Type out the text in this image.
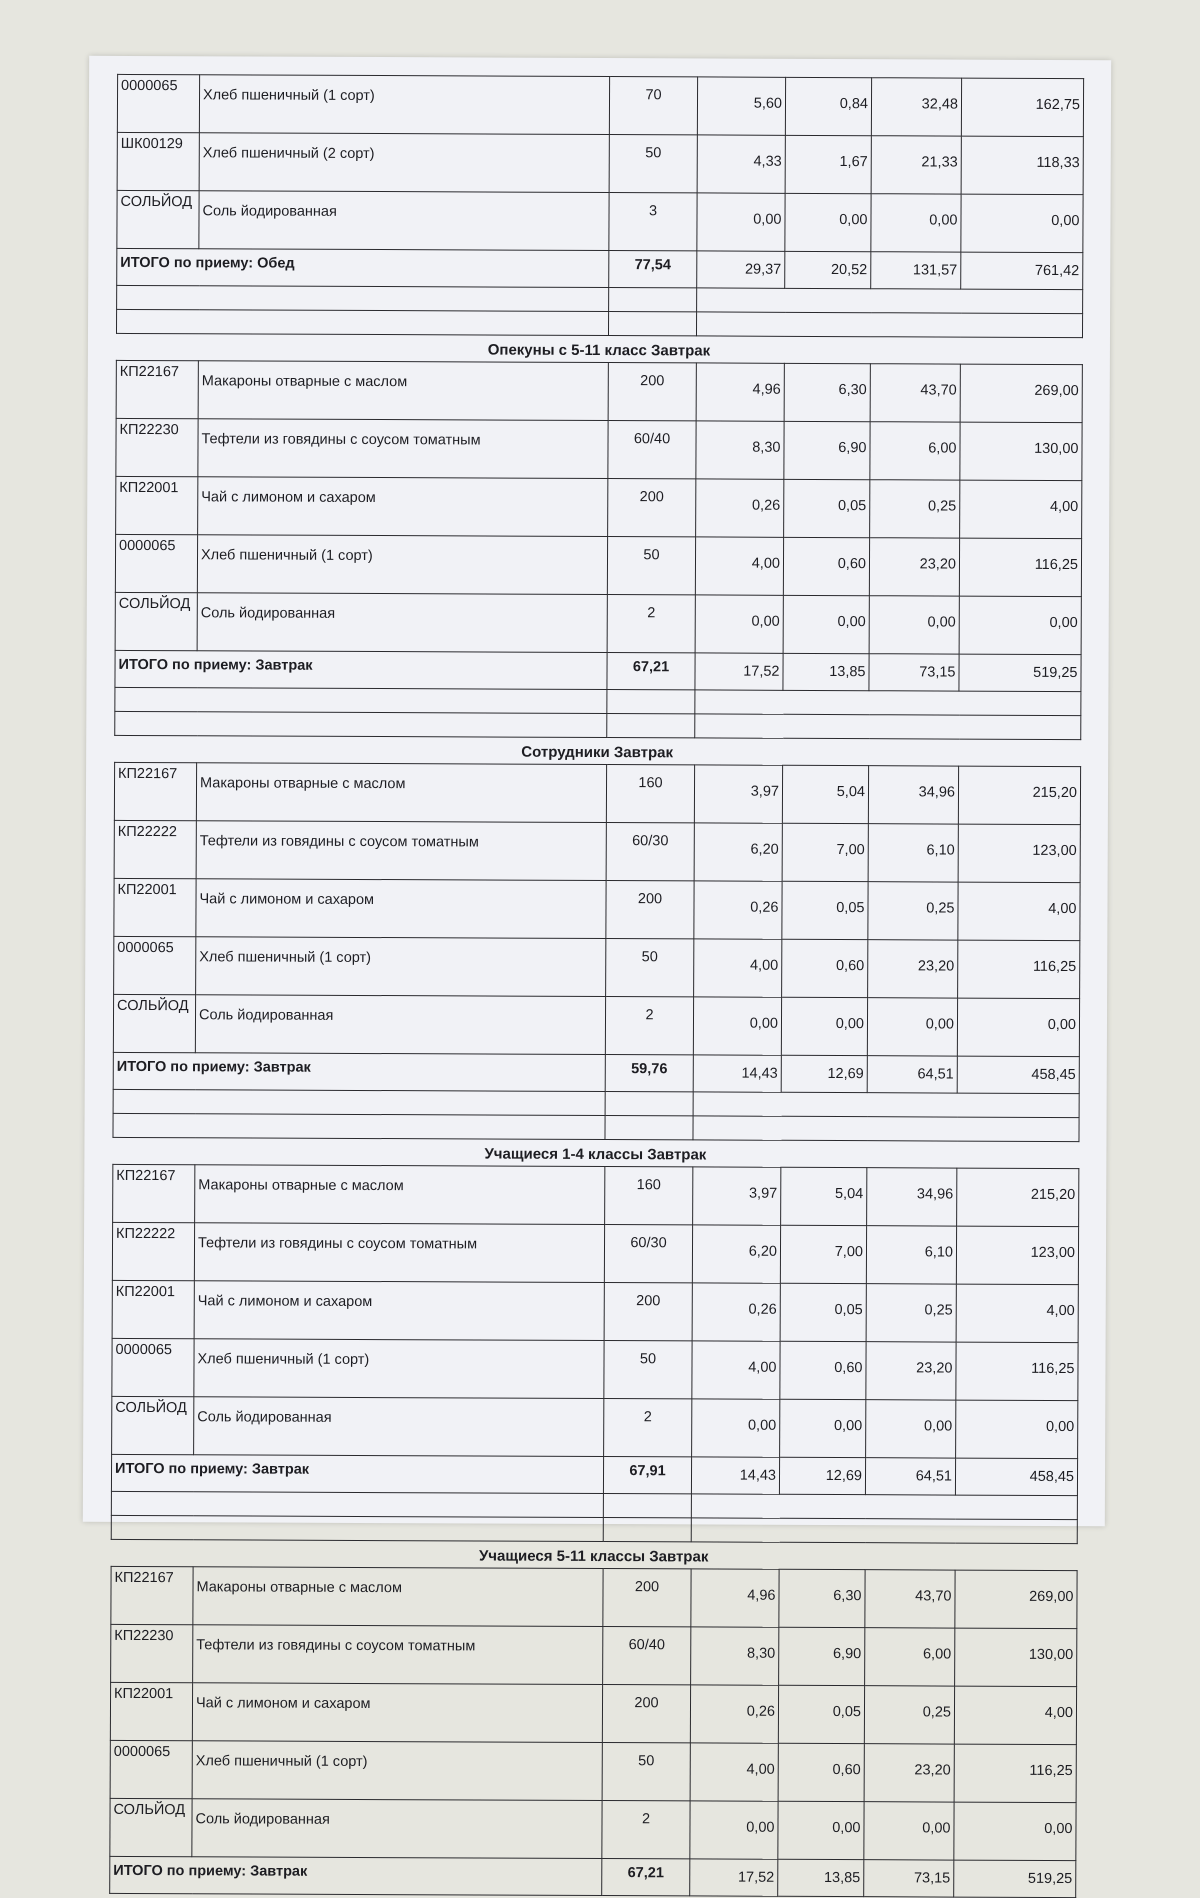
0000065	Хлеб пшеничный (1 сорт)	70	5,60	0,84	32,48	162,75
ШК00129	Хлеб пшеничный (2 сорт)	50	4,33	1,67	21,33	118,33
СОЛЬЙОД	Соль йодированная	3	0,00	0,00	0,00	0,00
ИТОГО по приему: Обед		77,54	29,37	20,52	131,57	761,42

Опекуны с 5-11 класс Завтрак
КП22167	Макароны отварные с маслом	200	4,96	6,30	43,70	269,00
КП22230	Тефтели из говядины с соусом томатным	60/40	8,30	6,90	6,00	130,00
КП22001	Чай с лимоном и сахаром	200	0,26	0,05	0,25	4,00
0000065	Хлеб пшеничный (1 сорт)	50	4,00	0,60	23,20	116,25
СОЛЬЙОД	Соль йодированная	2	0,00	0,00	0,00	0,00
ИТОГО по приему: Завтрак		67,21	17,52	13,85	73,15	519,25

Сотрудники Завтрак
КП22167	Макароны отварные с маслом	160	3,97	5,04	34,96	215,20
КП22222	Тефтели из говядины с соусом томатным	60/30	6,20	7,00	6,10	123,00
КП22001	Чай с лимоном и сахаром	200	0,26	0,05	0,25	4,00
0000065	Хлеб пшеничный (1 сорт)	50	4,00	0,60	23,20	116,25
СОЛЬЙОД	Соль йодированная	2	0,00	0,00	0,00	0,00
ИТОГО по приему: Завтрак		59,76	14,43	12,69	64,51	458,45

Учащиеся 1-4 классы Завтрак
КП22167	Макароны отварные с маслом	160	3,97	5,04	34,96	215,20
КП22222	Тефтели из говядины с соусом томатным	60/30	6,20	7,00	6,10	123,00
КП22001	Чай с лимоном и сахаром	200	0,26	0,05	0,25	4,00
0000065	Хлеб пшеничный (1 сорт)	50	4,00	0,60	23,20	116,25
СОЛЬЙОД	Соль йодированная	2	0,00	0,00	0,00	0,00
ИТОГО по приему: Завтрак		67,91	14,43	12,69	64,51	458,45

Учащиеся 5-11 классы Завтрак
КП22167	Макароны отварные с маслом	200	4,96	6,30	43,70	269,00
КП22230	Тефтели из говядины с соусом томатным	60/40	8,30	6,90	6,00	130,00
КП22001	Чай с лимоном и сахаром	200	0,26	0,05	0,25	4,00
0000065	Хлеб пшеничный (1 сорт)	50	4,00	0,60	23,20	116,25
СОЛЬЙОД	Соль йодированная	2	0,00	0,00	0,00	0,00
ИТОГО по приему: Завтрак		67,21	17,52	13,85	73,15	519,25
